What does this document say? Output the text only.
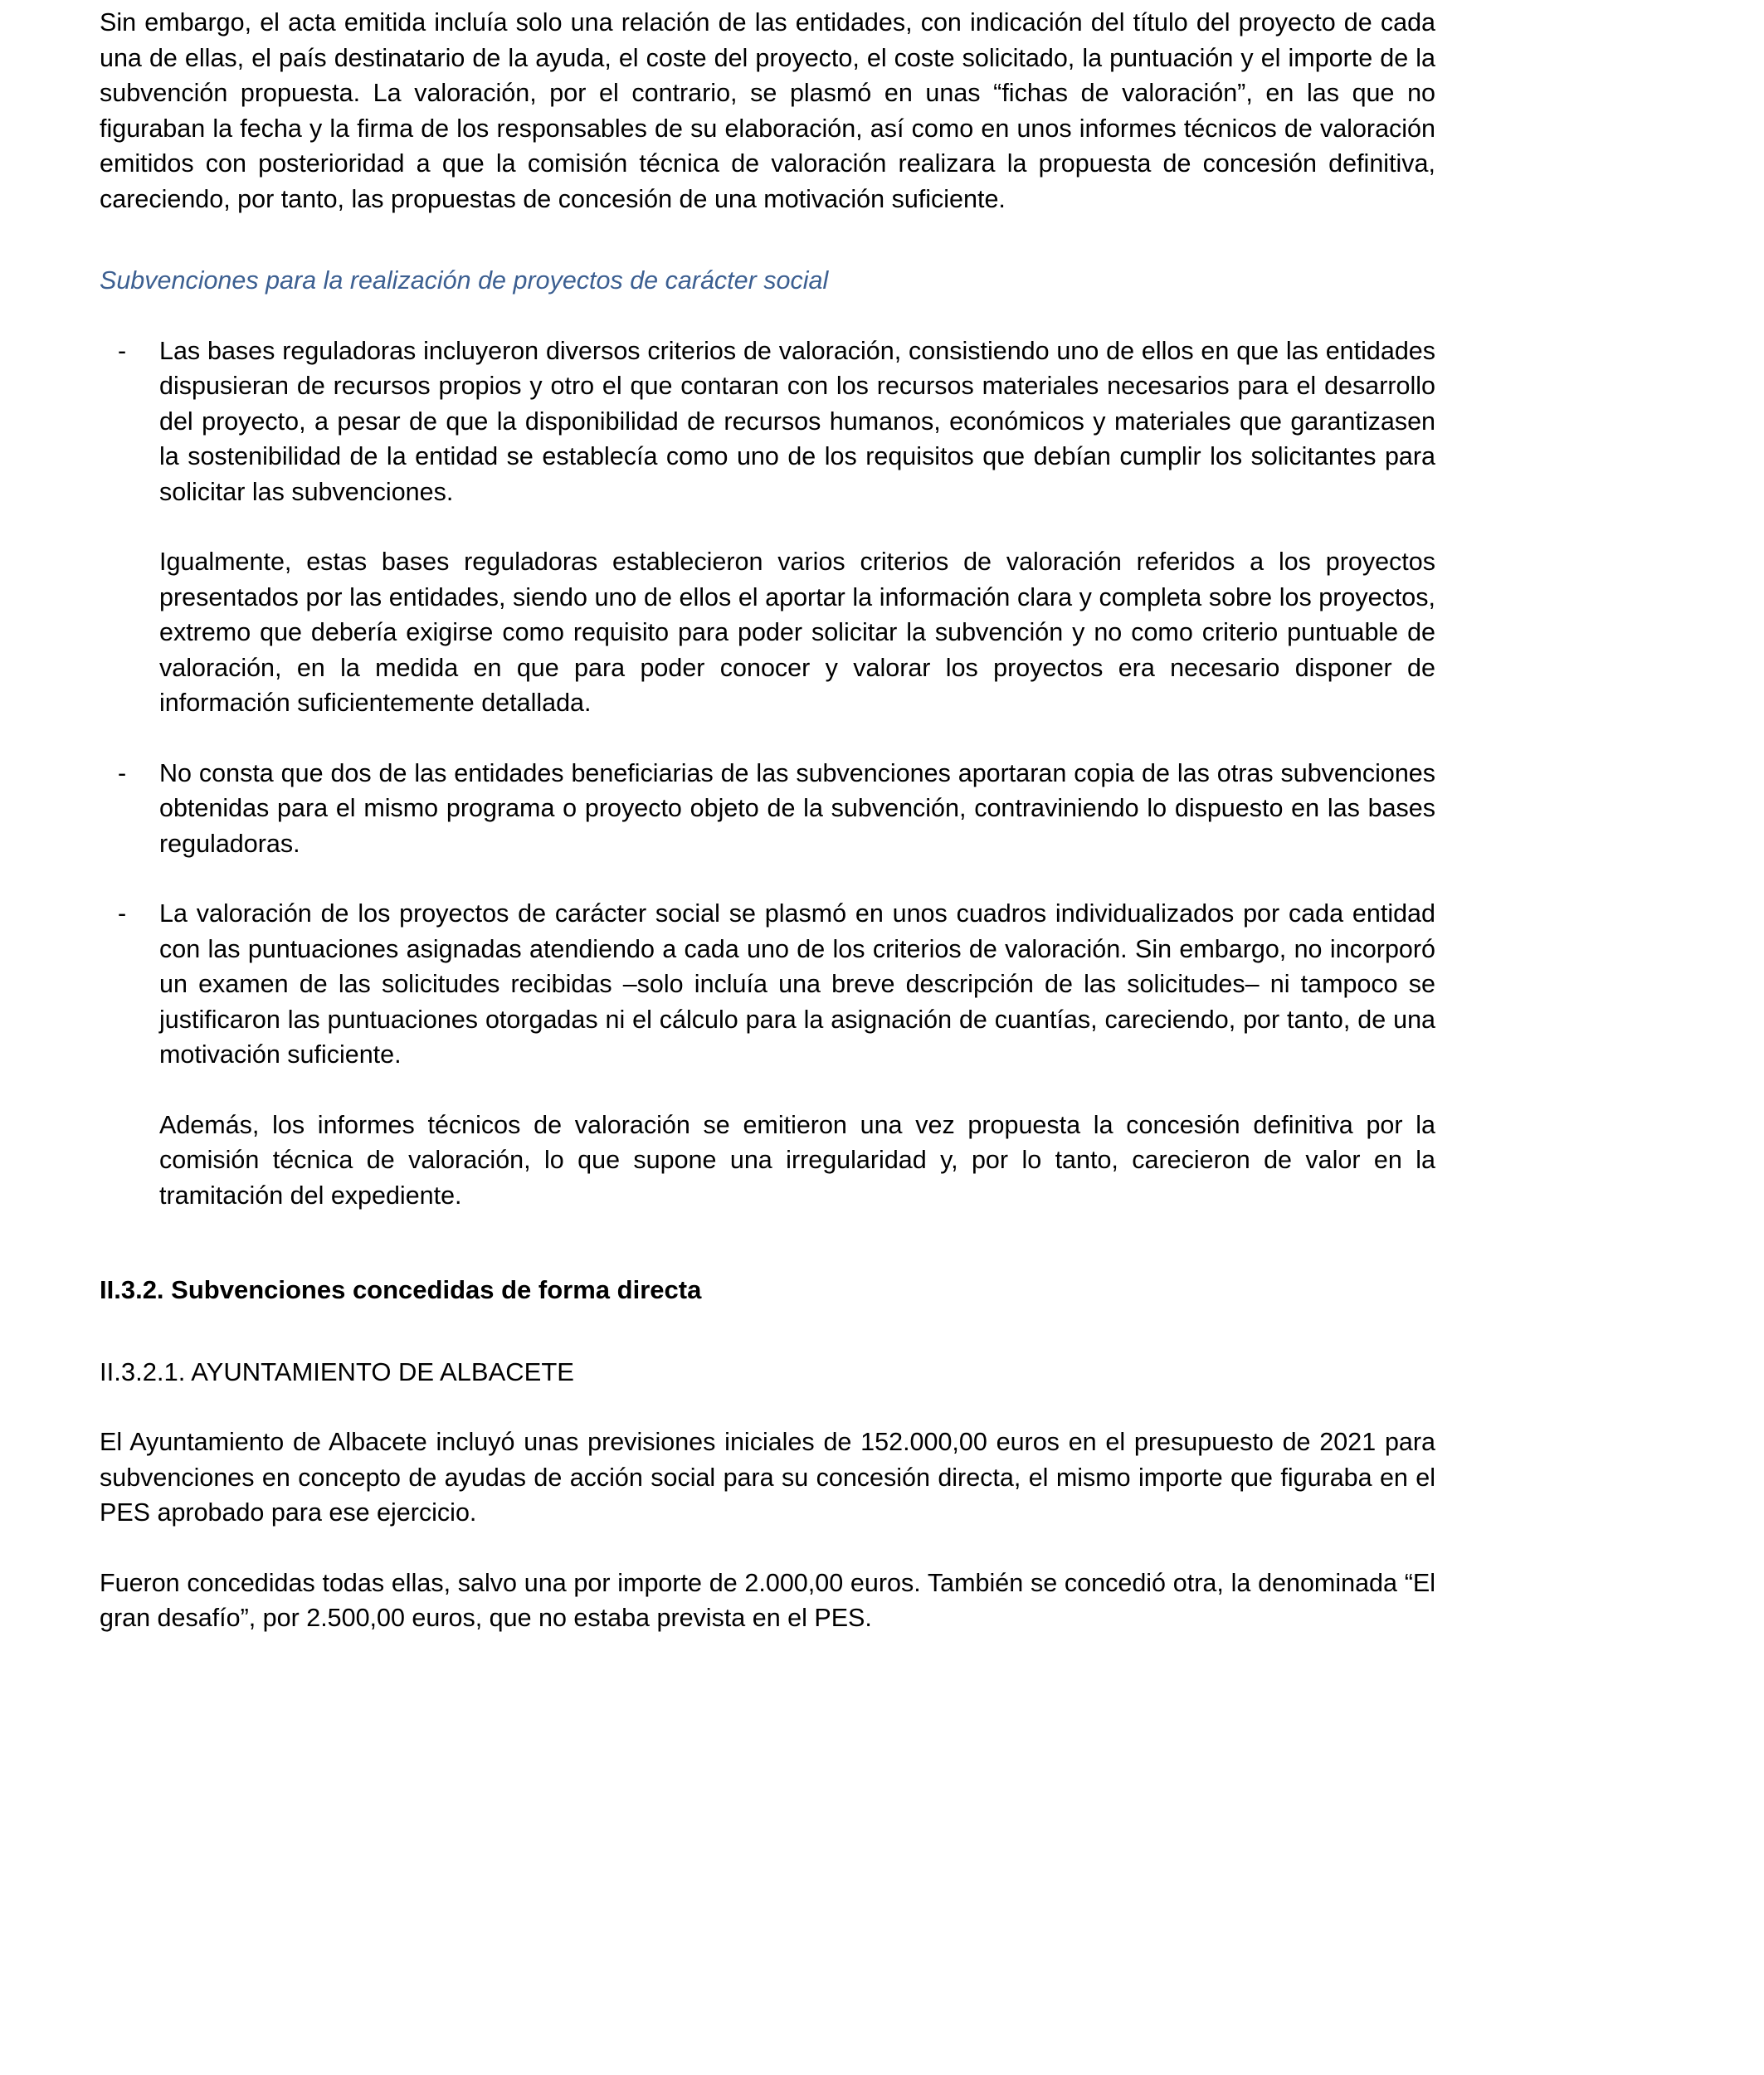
Sin embargo, el acta emitida incluía solo una relación de las entidades, con indicación del título del proyecto de cada una de ellas, el país destinatario de la ayuda, el coste del proyecto, el coste solicitado, la puntuación y el importe de la subvención propuesta. La valoración, por el contrario, se plasmó en unas “fichas de valoración”, en las que no figuraban la fecha y la firma de los responsables de su elaboración, así como en unos informes técnicos de valoración emitidos con posterioridad a que la comisión técnica de valoración realizara la propuesta de concesión definitiva, careciendo, por tanto, las propuestas de concesión de una motivación suficiente.

Subvenciones para la realización de proyectos de carácter social

-	Las bases reguladoras incluyeron diversos criterios de valoración, consistiendo uno de ellos en que las entidades dispusieran de recursos propios y otro el que contaran con los recursos materiales necesarios para el desarrollo del proyecto, a pesar de que la disponibilidad de recursos humanos, económicos y materiales que garantizasen la sostenibilidad de la entidad se establecía como uno de los requisitos que debían cumplir los solicitantes para solicitar las subvenciones.

Igualmente, estas bases reguladoras establecieron varios criterios de valoración referidos a los proyectos presentados por las entidades, siendo uno de ellos el aportar la información clara y completa sobre los proyectos, extremo que debería exigirse como requisito para poder solicitar la subvención y no como criterio puntuable de valoración, en la medida en que para poder conocer y valorar los proyectos era necesario disponer de información suficientemente detallada.

-	No consta que dos de las entidades beneficiarias de las subvenciones aportaran copia de las otras subvenciones obtenidas para el mismo programa o proyecto objeto de la subvención, contraviniendo lo dispuesto en las bases reguladoras.

-	La valoración de los proyectos de carácter social se plasmó en unos cuadros individualizados por cada entidad con las puntuaciones asignadas atendiendo a cada uno de los criterios de valoración. Sin embargo, no incorporó un examen de las solicitudes recibidas –solo incluía una breve descripción de las solicitudes– ni tampoco se justificaron las puntuaciones otorgadas ni el cálculo para la asignación de cuantías, careciendo, por tanto, de una motivación suficiente.

Además, los informes técnicos de valoración se emitieron una vez propuesta la concesión definitiva por la comisión técnica de valoración, lo que supone una irregularidad y, por lo tanto, carecieron de valor en la tramitación del expediente.

II.3.2. Subvenciones concedidas de forma directa

II.3.2.1. AYUNTAMIENTO DE ALBACETE

El Ayuntamiento de Albacete incluyó unas previsiones iniciales de 152.000,00 euros en el presupuesto de 2021 para subvenciones en concepto de ayudas de acción social para su concesión directa, el mismo importe que figuraba en el PES aprobado para ese ejercicio.

Fueron concedidas todas ellas, salvo una por importe de 2.000,00 euros. También se concedió otra, la denominada “El gran desafío”, por 2.500,00 euros, que no estaba prevista en el PES.
